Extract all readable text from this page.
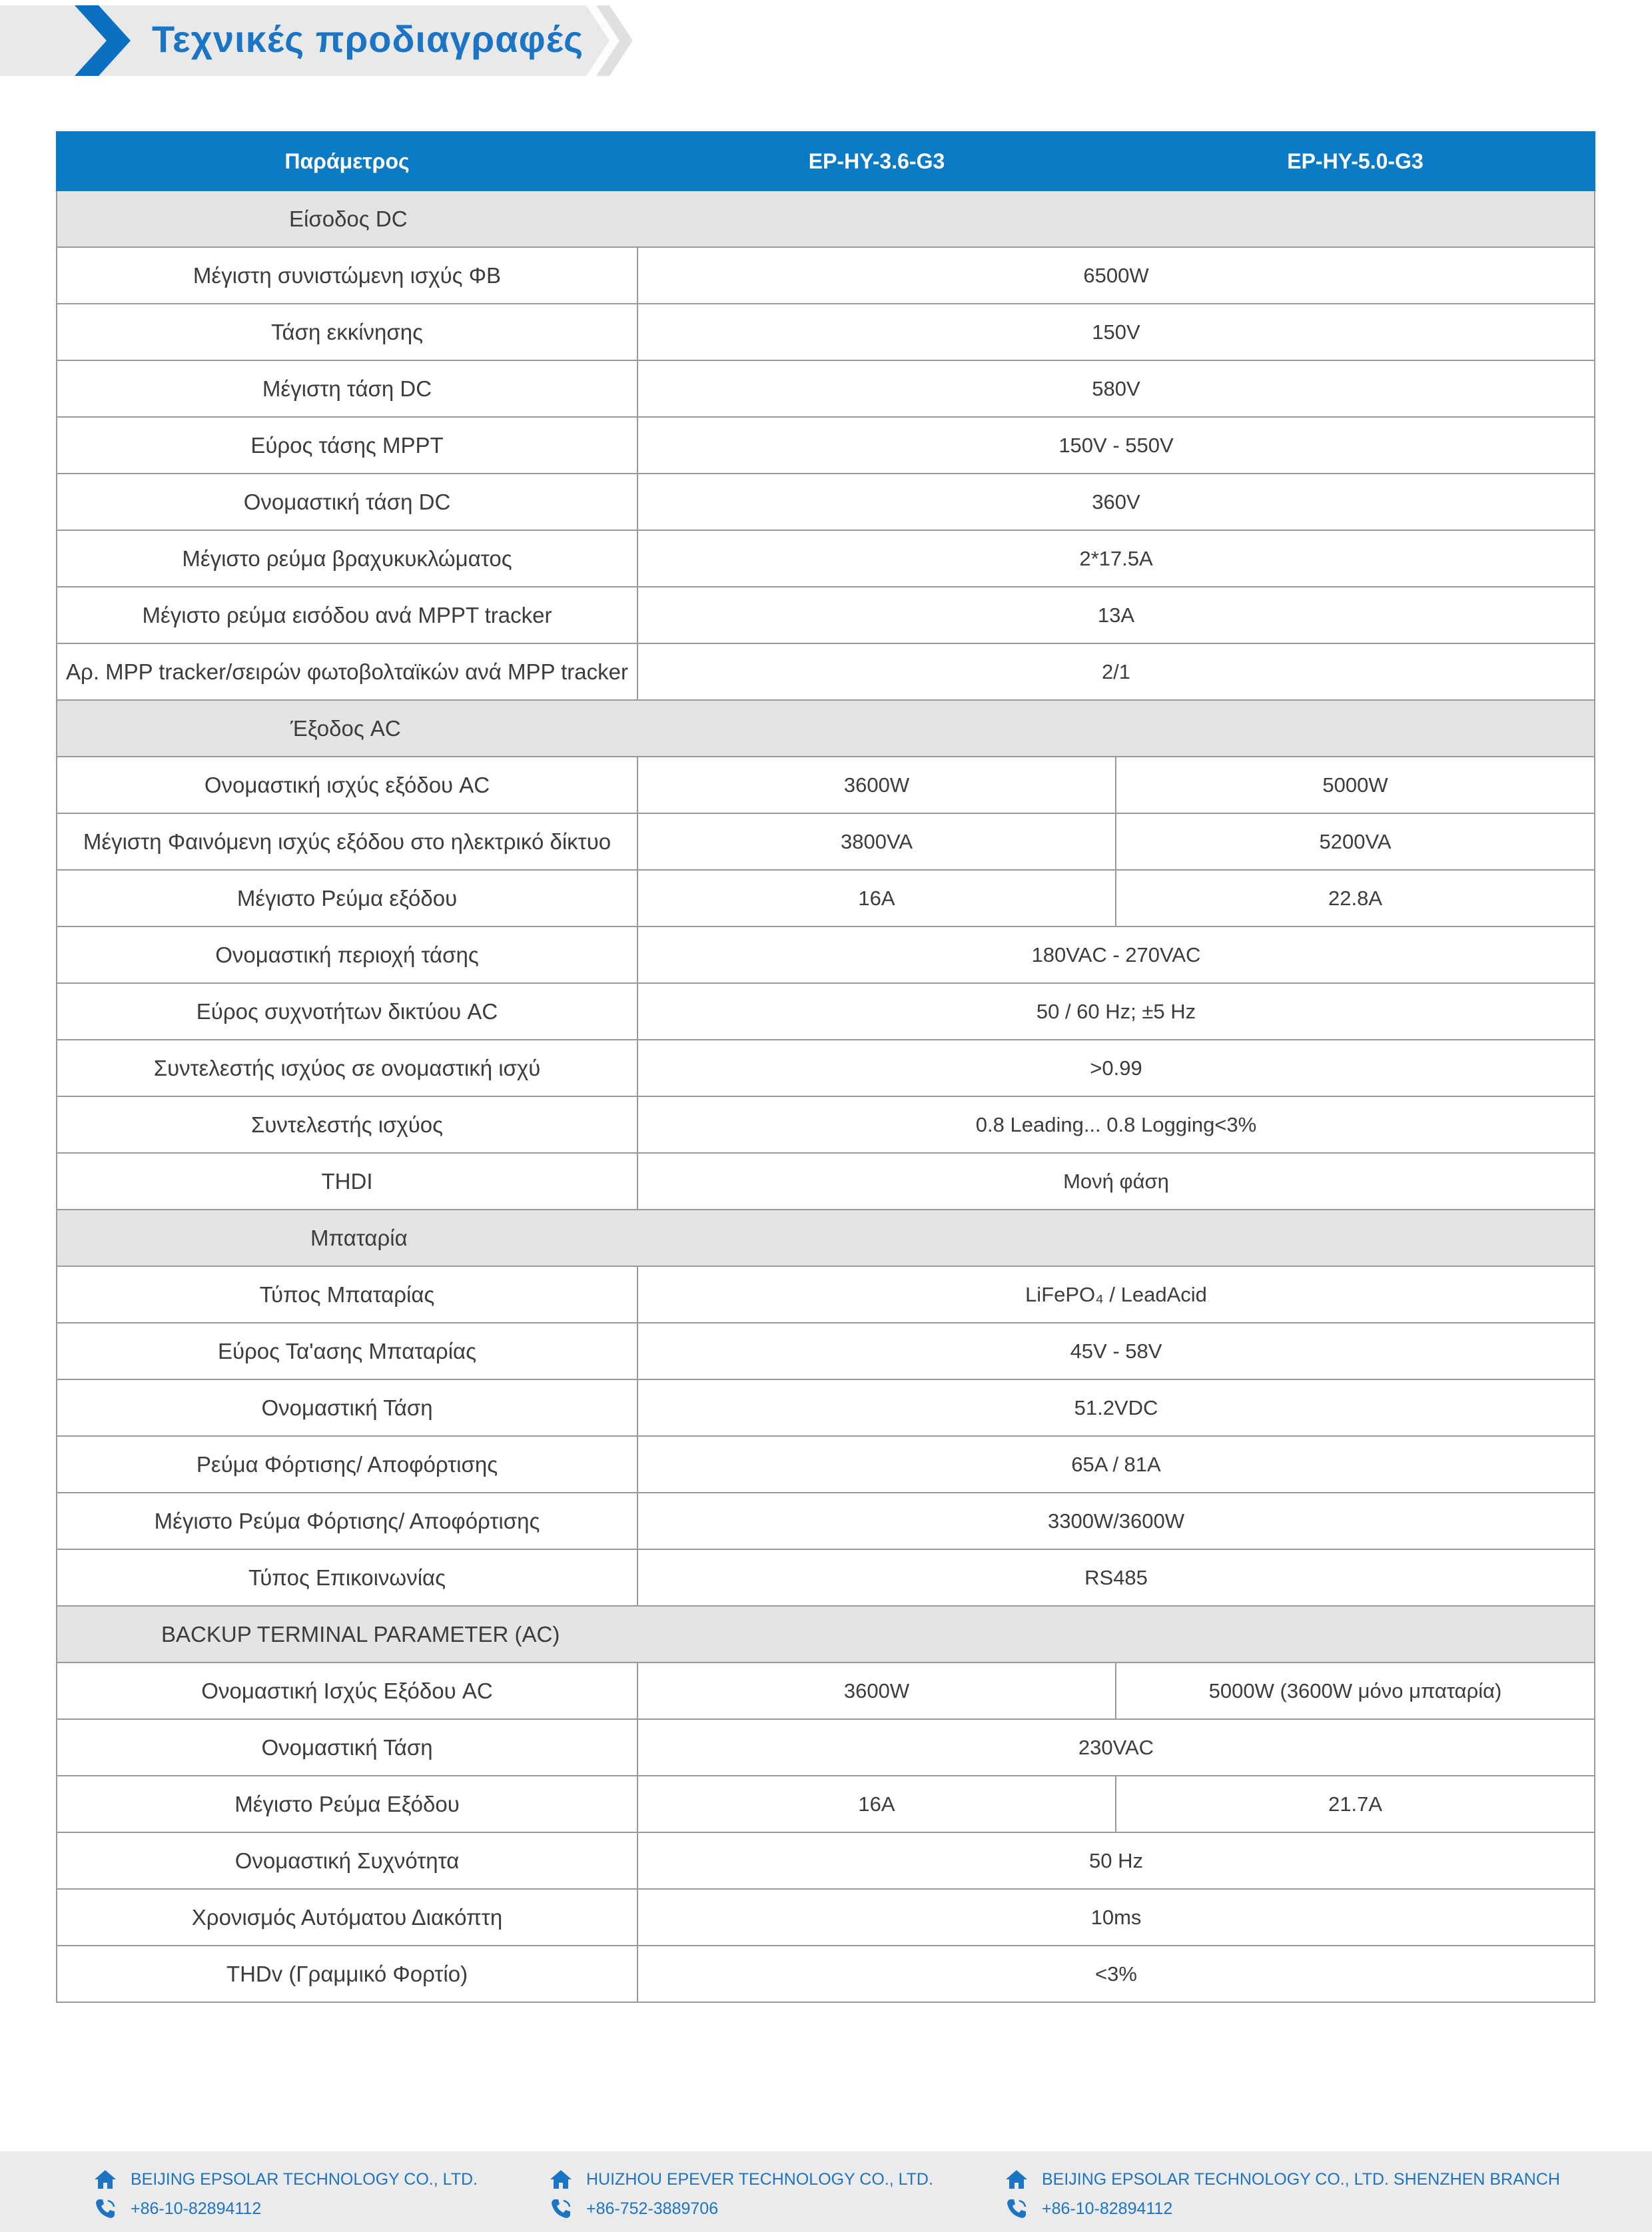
Τεχνικές προδιαγραφές
Παράμετρος	EP-HY-3.6-G3	EP-HY-5.0-G3
Είσοδος DC		
Μέγιστη συνιστώμενη ισχύς ΦΒ	6500W	
Τάση εκκίνησης	150V	
Μέγιστη τάση DC	580V	
Εύρος τάσης MPPT	150V - 550V	
Ονομαστική τάση DC	360V	
Μέγιστο ρεύμα βραχυκυκλώματος	2*17.5A	
Μέγιστο ρεύμα εισόδου ανά MPPT tracker	13A	
Αρ. MPP tracker/σειρών φωτοβολταϊκών ανά MPP tracker	2/1	
Έξοδος AC		
Ονομαστική ισχύς εξόδου AC	3600W	5000W
Μέγιστη Φαινόμενη ισχύς εξόδου στο ηλεκτρικό δίκτυο	3800VA	5200VA
Μέγιστο Ρεύμα εξόδου	16A	22.8A
Ονομαστική περιοχή τάσης	180VAC - 270VAC	
Εύρος συχνοτήτων δικτύου AC	50 / 60 Hz; ±5 Hz	
Συντελεστής ισχύος σε ονομαστική ισχύ	>0.99	
Συντελεστής ισχύος	0.8 Leading... 0.8 Logging<3%	
THDI	Μονή φάση	
Μπαταρία		
Τύπος Μπαταρίας	LiFePO₄ / LeadAcid	
Εύρος Τα'ασης Μπαταρίας	45V - 58V	
Ονομαστική Τάση	51.2VDC	
Ρεύμα Φόρτισης/ Αποφόρτισης	65A / 81A	
Μέγιστο Ρεύμα Φόρτισης/ Αποφόρτισης	3300W/3600W	
Τύπος Επικοινωνίας	RS485	
BACKUP TERMINAL PARAMETER (AC)		
Ονομαστική Ισχύς Εξόδου AC	3600W	5000W (3600W μόνο μπαταρία)
Ονομαστική Τάση	230VAC	
Μέγιστο Ρεύμα Εξόδου	16A	21.7A
Ονομαστική Συχνότητα	50 Hz	
Χρονισμός Αυτόματου Διακόπτη	10ms	
THDv (Γραμμικό Φορτίο)	<3%	
BEIJING EPSOLAR TECHNOLOGY CO., LTD.
+86-10-82894112
HUIZHOU EPEVER TECHNOLOGY CO., LTD.
+86-752-3889706
BEIJING EPSOLAR TECHNOLOGY CO., LTD. SHENZHEN BRANCH
+86-10-82894112
